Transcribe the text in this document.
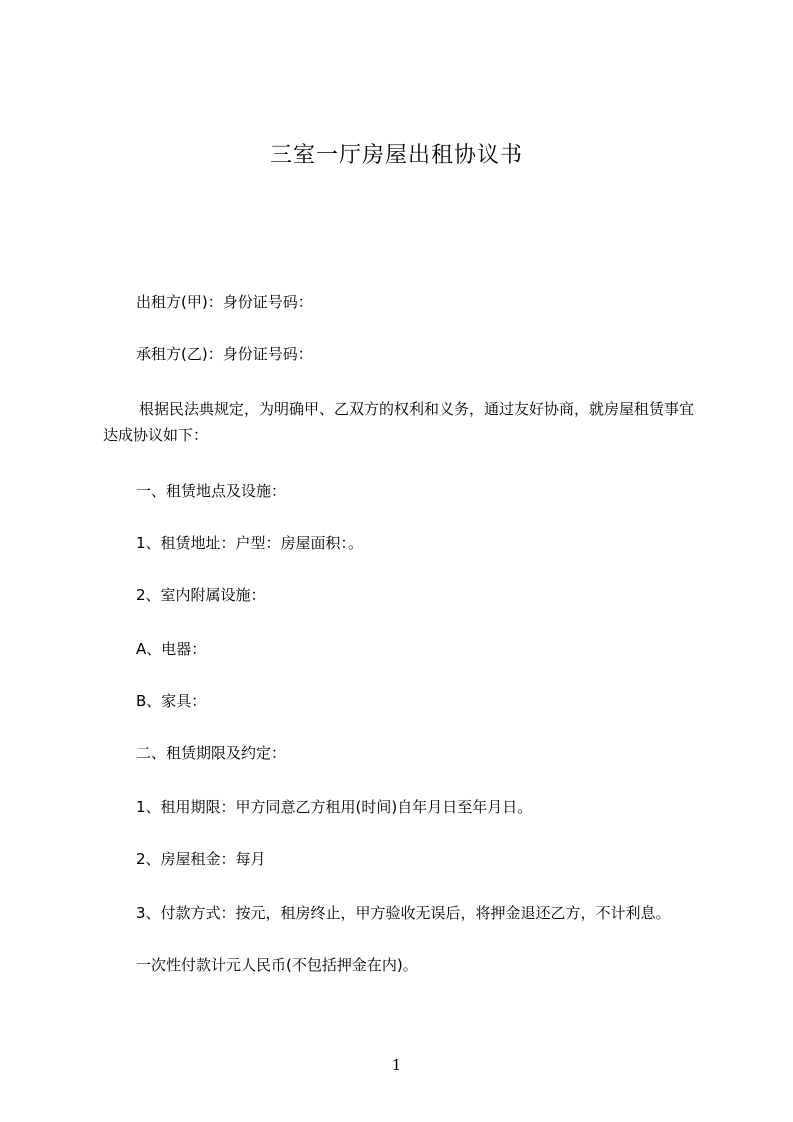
三室一厅房屋出租协议书

出租方(甲)：身份证号码：

承租方(乙)：身份证号码：

根据民法典规定，为明确甲、乙双方的权利和义务，通过友好协商，就房屋租赁事宜达成协议如下：

一、租赁地点及设施：

1、租赁地址：户型：房屋面积：。

2、室内附属设施：

A、电器：

B、家具：

二、租赁期限及约定：

1、租用期限：甲方同意乙方租用(时间)自年月日至年月日。

2、房屋租金：每月

3、付款方式：按元，租房终止，甲方验收无误后，将押金退还乙方，不计利息。

一次性付款计元人民币(不包括押金在内)。

1
